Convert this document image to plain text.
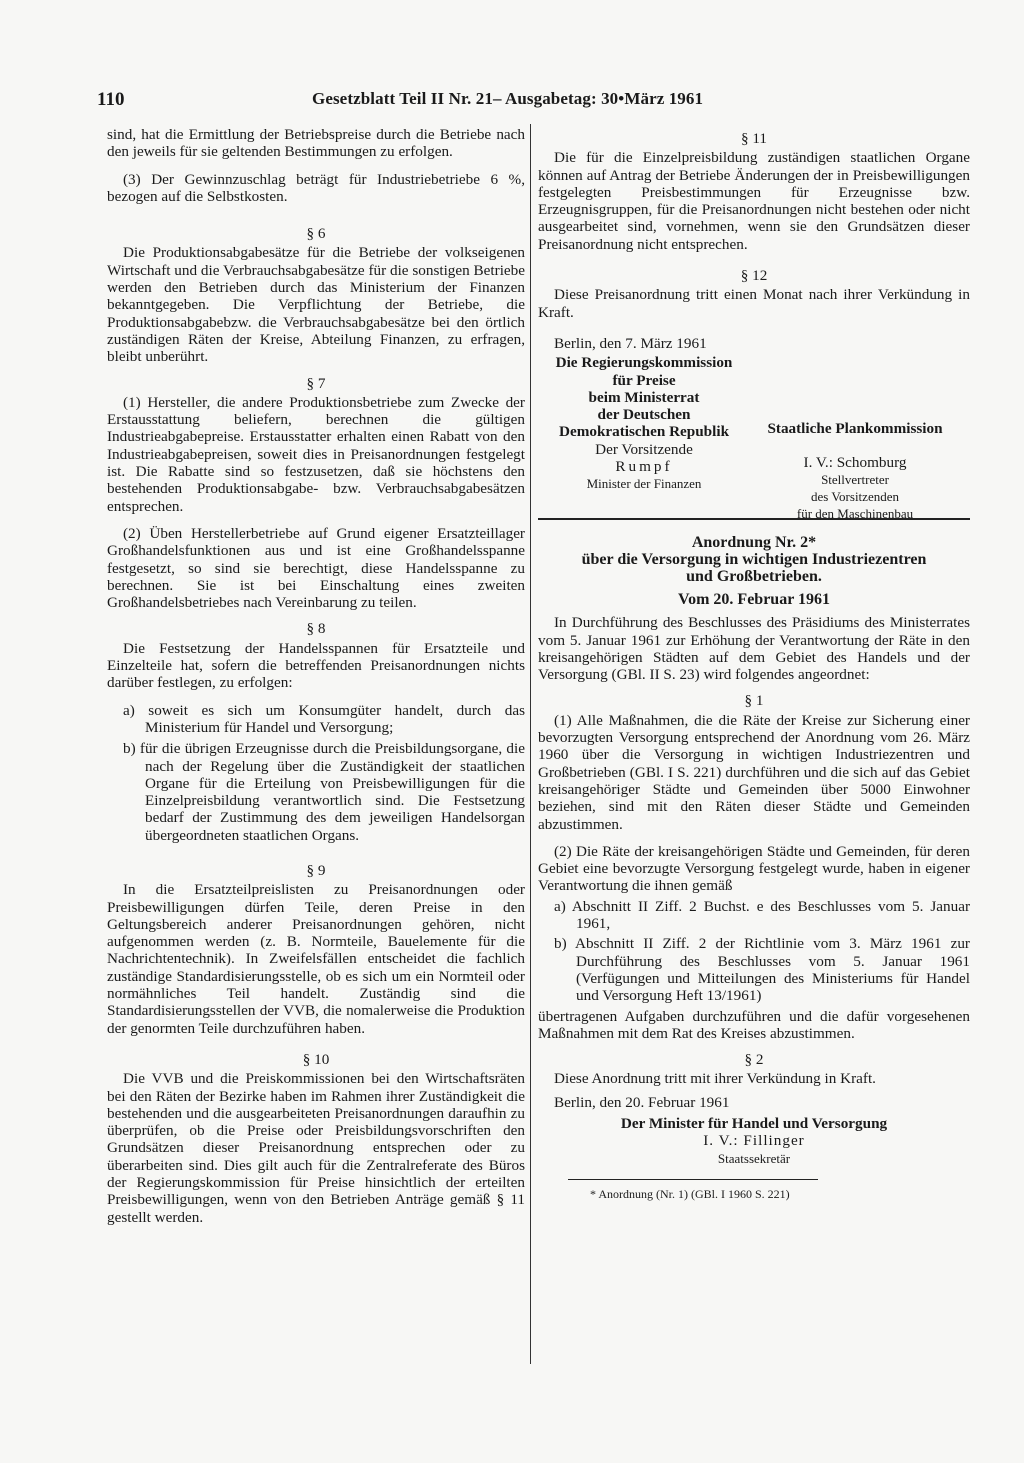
110	Gesetzblatt Teil II Nr. 21– Ausgabetag: 30•März 1961

sind, hat die Ermittlung der Betriebspreise durch die Betriebe nach den jeweils für sie geltenden Bestimmungen zu erfolgen.

(3) Der Gewinnzuschlag beträgt für Industriebetriebe 6 %, bezogen auf die Selbstkosten.

§ 6

Die Produktionsabgabesätze für die Betriebe der volkseigenen Wirtschaft und die Verbrauchsabgabesätze für die sonstigen Betriebe werden den Betrieben durch das Ministerium der Finanzen bekanntgegeben. Die Verpflichtung der Betriebe, die Produktionsabgabebzw. die Verbrauchsabgabesätze bei den örtlich zuständigen Räten der Kreise, Abteilung Finanzen, zu erfragen, bleibt unberührt.

§ 7

(1) Hersteller, die andere Produktionsbetriebe zum Zwecke der Erstausstattung beliefern, berechnen die gültigen Industrieabgabepreise. Erstausstatter erhalten einen Rabatt von den Industrieabgabepreisen, soweit dies in Preisanordnungen festgelegt ist. Die Rabatte sind so festzusetzen, daß sie höchstens den bestehenden Produktionsabgabe- bzw. Verbrauchsabgabesätzen entsprechen.

(2) Üben Herstellerbetriebe auf Grund eigener Ersatzteillager Großhandelsfunktionen aus und ist eine Großhandelsspanne festgesetzt, so sind sie berechtigt, diese Handelsspanne zu berechnen. Sie ist bei Einschaltung eines zweiten Großhandelsbetriebes nach Vereinbarung zu teilen.

§ 8

Die Festsetzung der Handelsspannen für Ersatzteile und Einzelteile hat, sofern die betreffenden Preisanordnungen nichts darüber festlegen, zu erfolgen:

a) soweit es sich um Konsumgüter handelt, durch das Ministerium für Handel und Versorgung;

b) für die übrigen Erzeugnisse durch die Preisbildungsorgane, die nach der Regelung über die Zuständigkeit der staatlichen Organe für die Erteilung von Preisbewilligungen für die Einzelpreisbildung verantwortlich sind. Die Festsetzung bedarf der Zustimmung des dem jeweiligen Handelsorgan übergeordneten staatlichen Organs.

§ 9

In die Ersatzteilpreislisten zu Preisanordnungen oder Preisbewilligungen dürfen Teile, deren Preise in den Geltungsbereich anderer Preisanordnungen gehören, nicht aufgenommen werden (z. B. Normteile, Bauelemente für die Nachrichtentechnik). In Zweifelsfällen entscheidet die fachlich zuständige Standardisierungsstelle, ob es sich um ein Normteil oder normähnliches Teil handelt. Zuständig sind die Standardisierungsstellen der VVB, die nomalerweise die Produktion der genormten Teile durchzuführen haben.

§ 10

Die VVB und die Preiskommissionen bei den Wirtschaftsräten bei den Räten der Bezirke haben im Rahmen ihrer Zuständigkeit die bestehenden und die ausgearbeiteten Preisanordnungen daraufhin zu überprüfen, ob die Preise oder Preisbildungsvorschriften den Grundsätzen dieser Preisanordnung entsprechen oder zu überarbeiten sind. Dies gilt auch für die Zentralreferate des Büros der Regierungskommission für Preise hinsichtlich der erteilten Preisbewilligungen, wenn von den Betrieben Anträge gemäß § 11 gestellt werden.

§ 11

Die für die Einzelpreisbildung zuständigen staatlichen Organe können auf Antrag der Betriebe Änderungen der in Preisbewilligungen festgelegten Preisbestimmungen für Erzeugnisse bzw. Erzeugnisgruppen, für die Preisanordnungen nicht bestehen oder nicht ausgearbeitet sind, vornehmen, wenn sie den Grundsätzen dieser Preisanordnung nicht entsprechen.

§ 12

Diese Preisanordnung tritt einen Monat nach ihrer Verkündung in Kraft.

Berlin, den 7. März 1961

Die Regierungskommission
für Preise
beim Ministerrat
der Deutschen
Demokratischen Republik
Der Vorsitzende
Rumpf
Minister der Finanzen
Staatliche Plankommission
I. V.: Schomburg
Stellvertreter
des Vorsitzenden
für den Maschinenbau
Anordnung Nr. 2*
über die Versorgung in wichtigen Industriezentren
und Großbetrieben.
Vom 20. Februar 1961

In Durchführung des Beschlusses des Präsidiums des Ministerrates vom 5. Januar 1961 zur Erhöhung der Verantwortung der Räte in den kreisangehörigen Städten auf dem Gebiet des Handels und der Versorgung (GBl. II S. 23) wird folgendes angeordnet:

§ 1

(1) Alle Maßnahmen, die die Räte der Kreise zur Sicherung einer bevorzugten Versorgung entsprechend der Anordnung vom 26. März 1960 über die Versorgung in wichtigen Industriezentren und Großbetrieben (GBl. I S. 221) durchführen und die sich auf das Gebiet kreisangehöriger Städte und Gemeinden über 5000 Einwohner beziehen, sind mit den Räten dieser Städte und Gemeinden abzustimmen.

(2) Die Räte der kreisangehörigen Städte und Gemeinden, für deren Gebiet eine bevorzugte Versorgung festgelegt wurde, haben in eigener Verantwortung die ihnen gemäß

a) Abschnitt II Ziff. 2 Buchst. e des Beschlusses vom 5. Januar 1961,

b) Abschnitt II Ziff. 2 der Richtlinie vom 3. März 1961 zur Durchführung des Beschlusses vom 5. Januar 1961 (Verfügungen und Mitteilungen des Ministeriums für Handel und Versorgung Heft 13/1961)

übertragenen Aufgaben durchzuführen und die dafür vorgesehenen Maßnahmen mit dem Rat des Kreises abzustimmen.

§ 2

Diese Anordnung tritt mit ihrer Verkündung in Kraft.

Berlin, den 20. Februar 1961

Der Minister für Handel und Versorgung
I. V.: Fillinger
Staatssekretär
* Anordnung (Nr. 1) (GBl. I 1960 S. 221)
